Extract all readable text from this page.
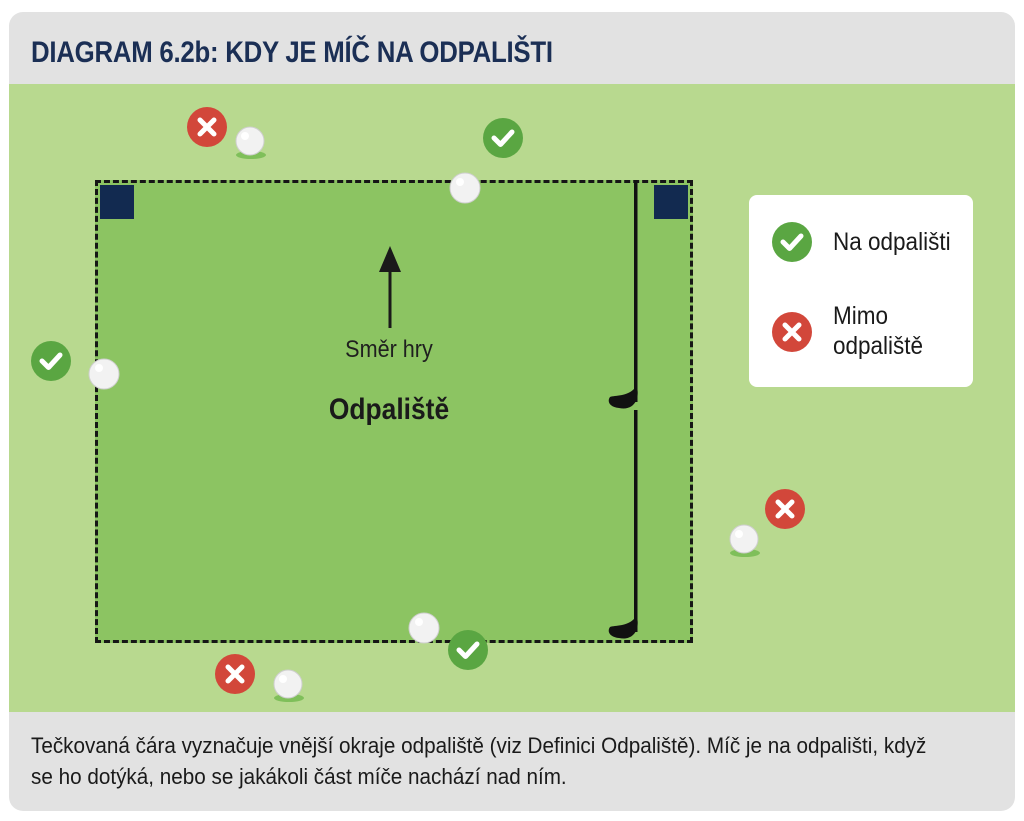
DIAGRAM 6.2b: KDY JE MÍČ NA ODPALIŠTI
Směr hry
Odpaliště
Na odpališti
Mimo
odpaliště

Tečkovaná čára vyznačuje vnější okraje odpaliště (viz Definici Odpaliště). Míč je na odpališti, když se ho dotýká, nebo se jakákoli část míče nachází nad ním.
